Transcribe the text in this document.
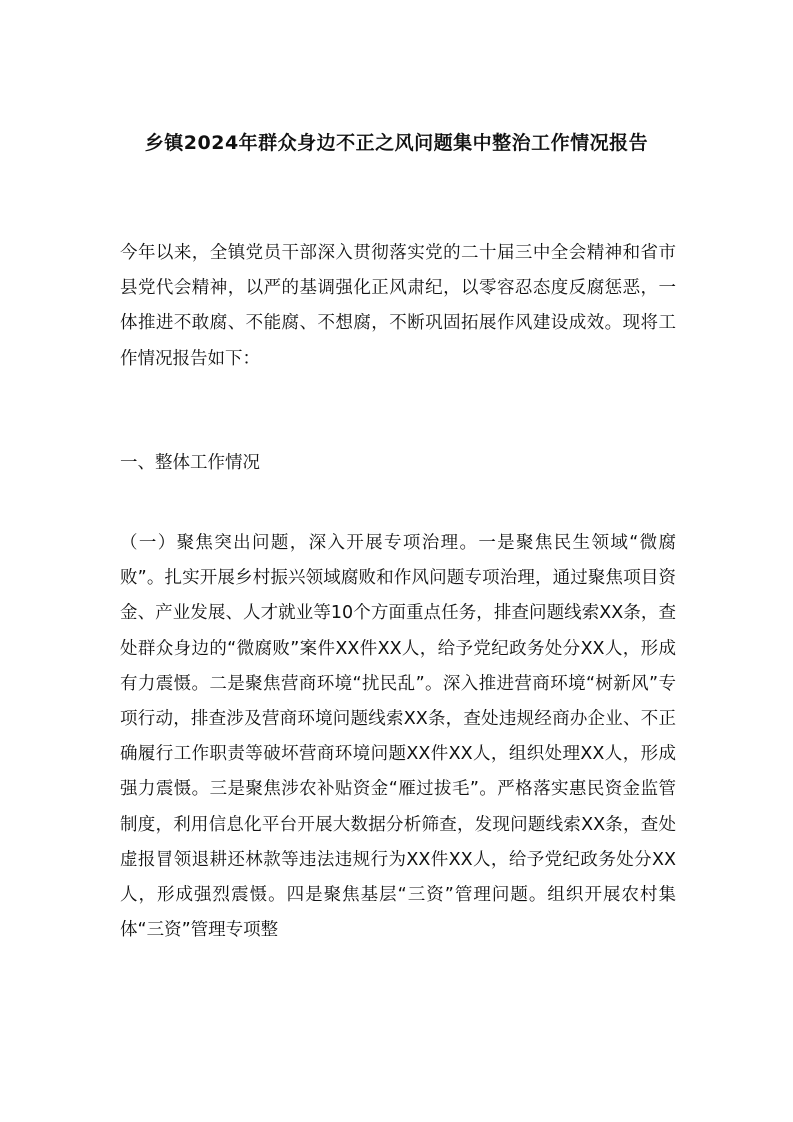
乡镇2024年群众身边不正之风问题集中整治工作情况报告

今年以来，全镇党员干部深入贯彻落实党的二十届三中全会精神和省市县党代会精神，以严的基调强化正风肃纪，以零容忍态度反腐惩恶，一体推进不敢腐、不能腐、不想腐，不断巩固拓展作风建设成效。现将工作情况报告如下：

一、整体工作情况

（一）聚焦突出问题，深入开展专项治理。一是聚焦民生领域“微腐败”。扎实开展乡村振兴领域腐败和作风问题专项治理，通过聚焦项目资金、产业发展、人才就业等10个方面重点任务，排查问题线索XX条，查处群众身边的“微腐败”案件XX件XX人，给予党纪政务处分XX人，形成有力震慑。二是聚焦营商环境“扰民乱”。深入推进营商环境“树新风”专项行动，排查涉及营商环境问题线索XX条，查处违规经商办企业、不正确履行工作职责等破坏营商环境问题XX件XX人，组织处理XX人，形成强力震慑。三是聚焦涉农补贴资金“雁过拔毛”。严格落实惠民资金监管制度，利用信息化平台开展大数据分析筛查，发现问题线索XX条，查处虚报冒领退耕还林款等违法违规行为XX件XX人，给予党纪政务处分XX人，形成强烈震慑。四是聚焦基层“三资”管理问题。组织开展农村集体“三资”管理专项整
